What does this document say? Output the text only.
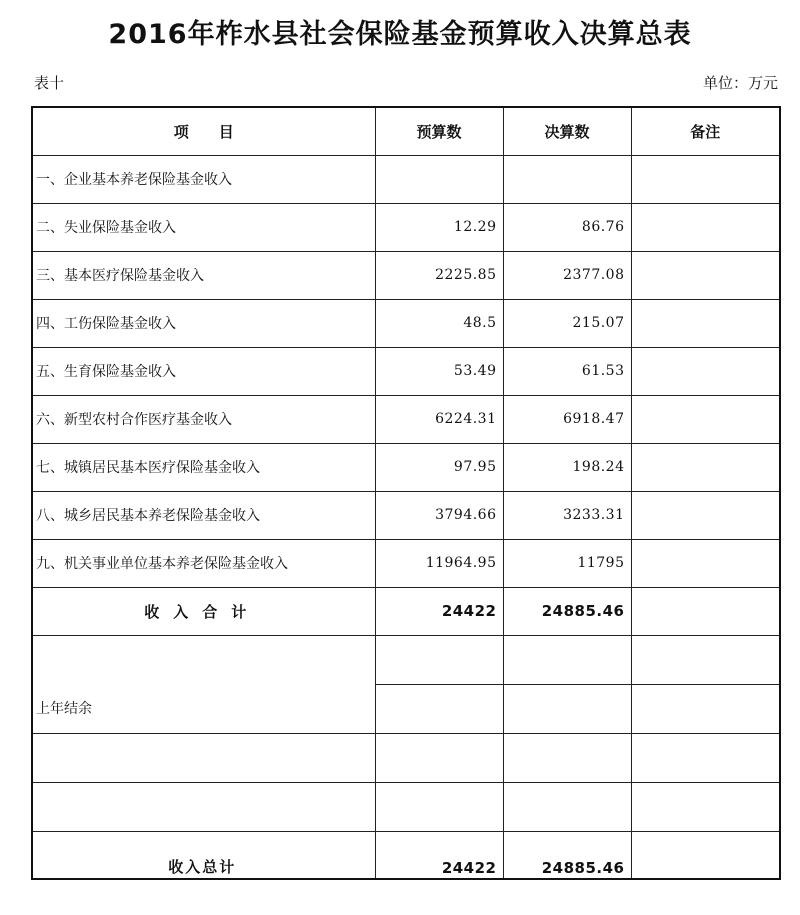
2016年柞水县社会保险基金预算收入决算总表
表十	单位：万元
项　　目	预算数	决算数	备注
一、企业基本养老保险基金收入			
二、失业保险基金收入	12.29	86.76	
三、基本医疗保险基金收入	2225.85	2377.08	
四、工伤保险基金收入	48.5	215.07	
五、生育保险基金收入	53.49	61.53	
六、新型农村合作医疗基金收入	6224.31	6918.47	
七、城镇居民基本医疗保险基金收入	97.95	198.24	
八、城乡居民基本养老保险基金收入	3794.66	3233.31	
九、机关事业单位基本养老保险基金收入	11964.95	11795	
收入合计	24422	24885.46	
上年结余			

收入总计	24422	24885.46	
